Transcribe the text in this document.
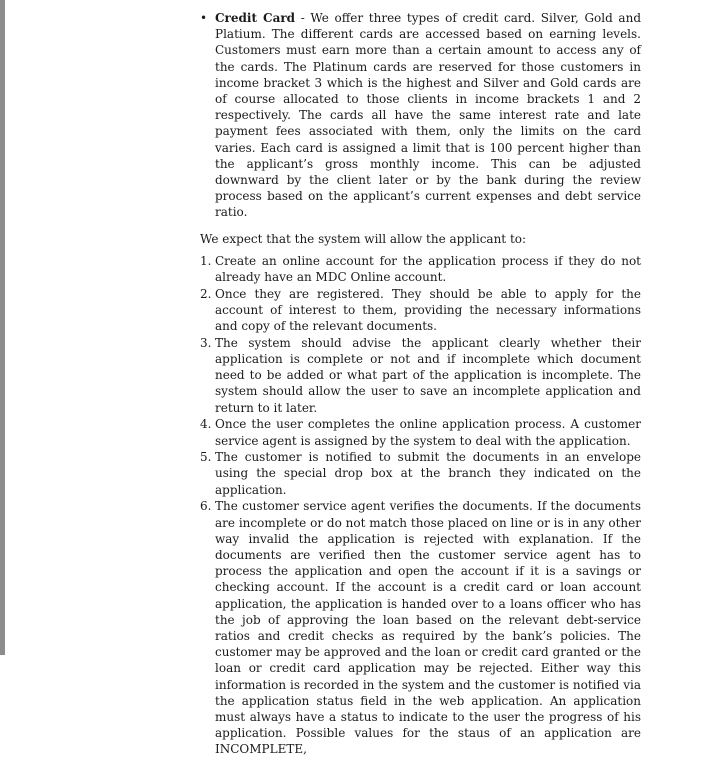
• Credit Card - We offer three types of credit card. Silver, Gold and Platium. The different cards are accessed based on earning levels. Customers must earn more than a certain amount to access any of the cards. The Platinum cards are reserved for those customers in income bracket 3 which is the highest and Silver and Gold cards are of course allocated to those clients in income brackets 1 and 2 respectively. The cards all have the same interest rate and late payment fees associated with them, only the limits on the card varies. Each card is assigned a limit that is 100 percent higher than the applicant’s gross monthly income. This can be adjusted downward by the client later or by the bank during the review process based on the applicant’s current expenses and debt service ratio.
We expect that the system will allow the applicant to:
1. Create an online account for the application process if they do not already have an MDC Online account.
2. Once they are registered. They should be able to apply for the account of interest to them, providing the necessary informations and copy of the relevant documents.
3. The system should advise the applicant clearly whether their application is complete or not and if incomplete which document need to be added or what part of the application is incomplete. The system should allow the user to save an incomplete application and return to it later.
4. Once the user completes the online application process. A customer service agent is assigned by the system to deal with the application.
5. The customer is notified to submit the documents in an envelope using the special drop box at the branch they indicated on the application.
6. The customer service agent verifies the documents. If the documents are incomplete or do not match those placed on line or is in any other way invalid the application is rejected with explanation. If the documents are verified then the customer service agent has to process the application and open the account if it is a savings or checking account. If the account is a credit card or loan account application, the application is handed over to a loans officer who has the job of approving the loan based on the relevant debt-service ratios and credit checks as required by the bank’s policies. The customer may be approved and the loan or credit card granted or the loan or credit card application may be rejected. Either way this information is recorded in the system and the customer is notified via the application status field in the web application. An application must always have a status to indicate to the user the progress of his application. Possible values for the staus of an application are INCOMPLETE,
